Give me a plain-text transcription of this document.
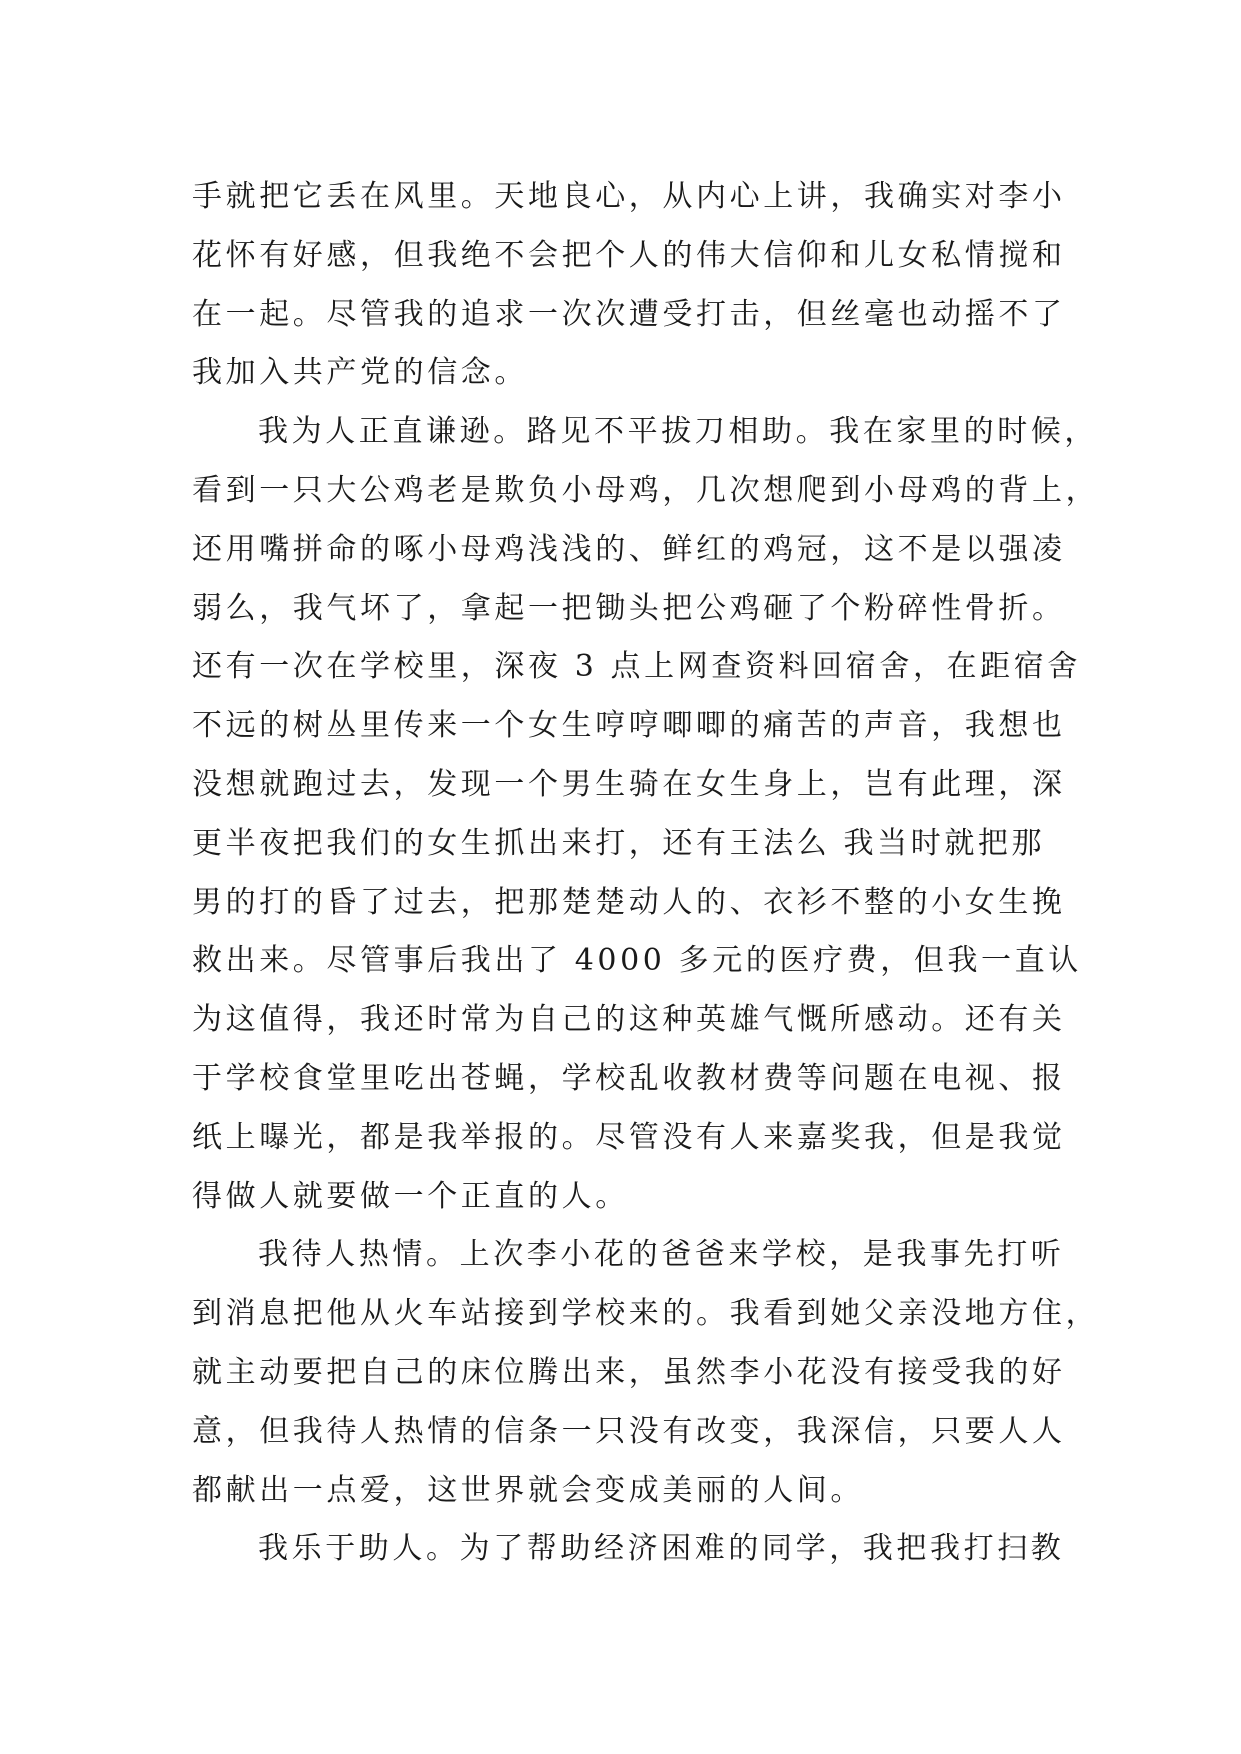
手就把它丢在风里。天地良心，从内心上讲，我确实对李小
花怀有好感，但我绝不会把个人的伟大信仰和儿女私情搅和
在一起。尽管我的追求一次次遭受打击，但丝毫也动摇不了
我加入共产党的信念。
我为人正直谦逊。路见不平拔刀相助。我在家里的时候，
看到一只大公鸡老是欺负小母鸡，几次想爬到小母鸡的背上，
还用嘴拼命的啄小母鸡浅浅的、鲜红的鸡冠，这不是以强凌
弱么，我气坏了，拿起一把锄头把公鸡砸了个粉碎性骨折。
还有一次在学校里，深夜 3 点上网查资料回宿舍，在距宿舍
不远的树丛里传来一个女生哼哼唧唧的痛苦的声音，我想也
没想就跑过去，发现一个男生骑在女生身上，岂有此理，深
更半夜把我们的女生抓出来打，还有王法么 我当时就把那
男的打的昏了过去，把那楚楚动人的、衣衫不整的小女生挽
救出来。尽管事后我出了 4000 多元的医疗费，但我一直认
为这值得，我还时常为自己的这种英雄气慨所感动。还有关
于学校食堂里吃出苍蝇，学校乱收教材费等问题在电视、报
纸上曝光，都是我举报的。尽管没有人来嘉奖我，但是我觉
得做人就要做一个正直的人。
我待人热情。上次李小花的爸爸来学校，是我事先打听
到消息把他从火车站接到学校来的。我看到她父亲没地方住，
就主动要把自己的床位腾出来，虽然李小花没有接受我的好
意，但我待人热情的信条一只没有改变，我深信，只要人人
都献出一点爱，这世界就会变成美丽的人间。
我乐于助人。为了帮助经济困难的同学，我把我打扫教
